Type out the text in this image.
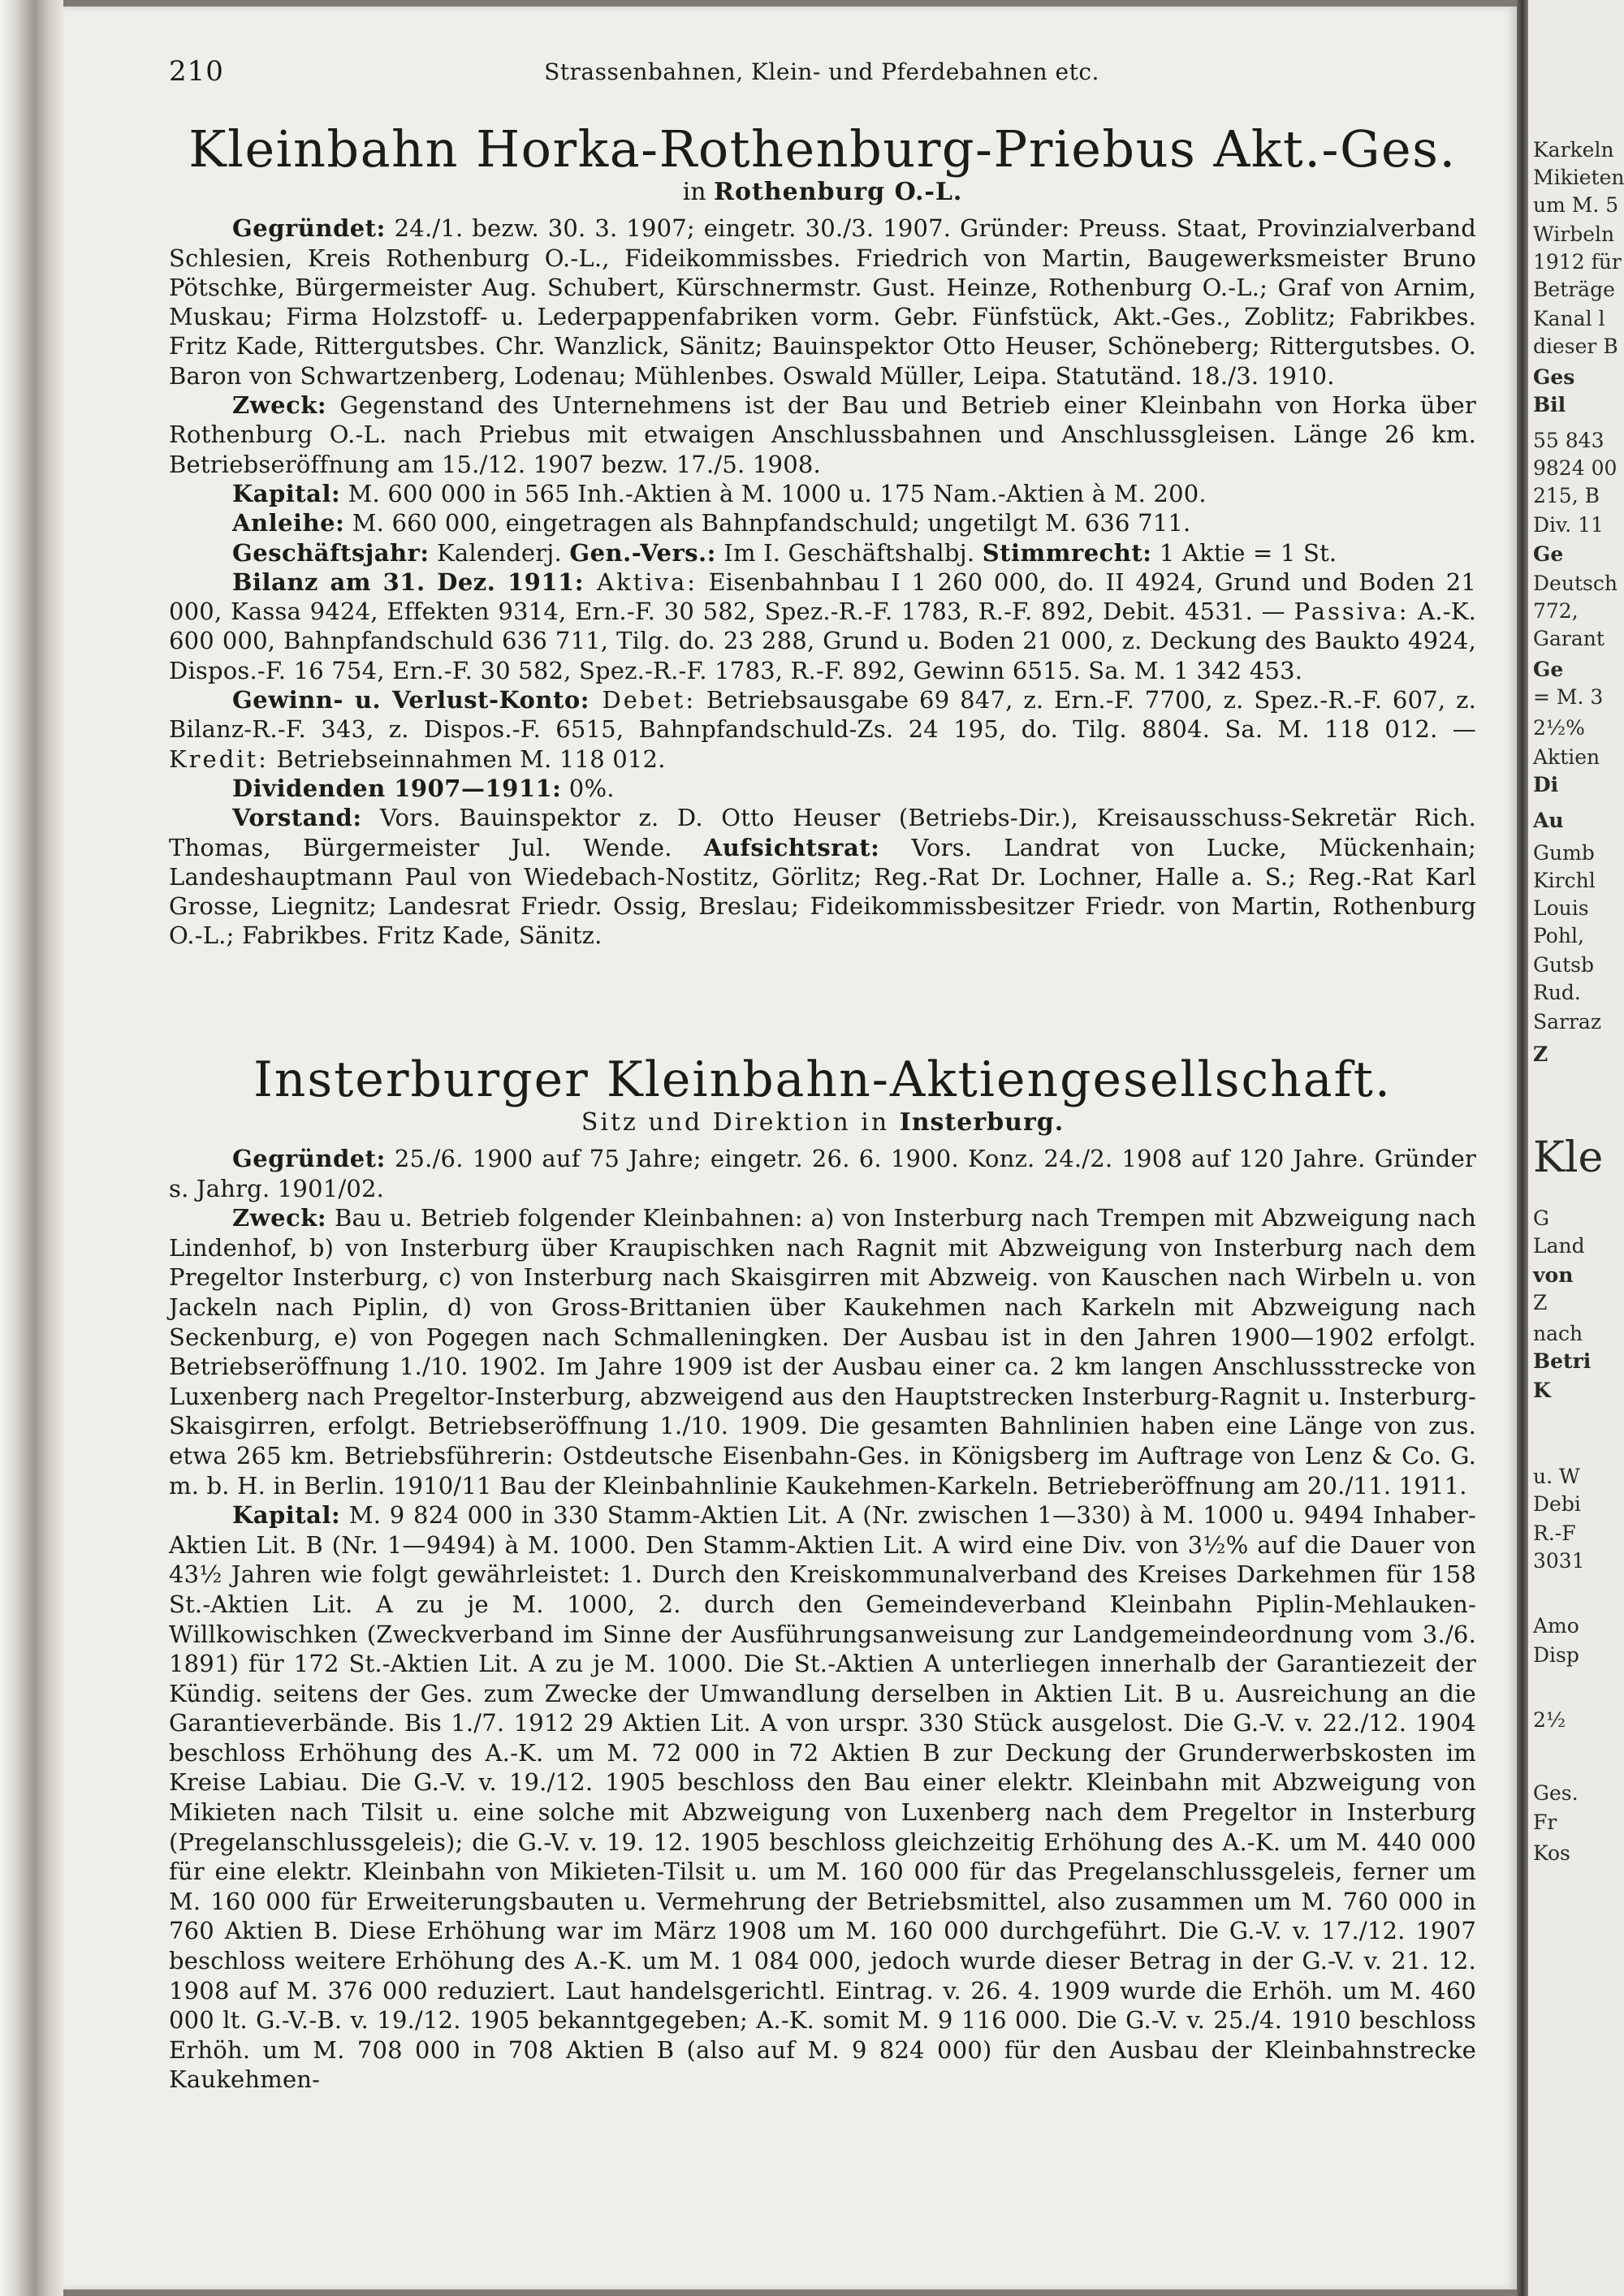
Karkeln
Mikieten
um M. 5
Wirbeln
1912 für
Beträge
Kanal l
dieser B
Ges
Bil
55 843
9824 00
215, B
Div. 11
Ge
Deutsch
772,
Garant
Ge
= M. 3
2½%
Aktien
Di
Au
Gumb
Kirchl
Louis
Pohl,
Gutsb
Rud.
Sarraz
Z
Kle
G
Land
von
Z
nach
Betri
K
u. W
Debi
R.-F
3031
Amo
Disp
2½
Ges.
Fr
Kos
210	Strassenbahnen, Klein- und Pferdebahnen etc.
Kleinbahn Horka-Rothenburg-Priebus Akt.-Ges.
in Rothenburg O.-L.

Gegründet: 24./1. bezw. 30. 3. 1907; eingetr. 30./3. 1907. Gründer: Preuss. Staat, Provinzialverband Schlesien, Kreis Rothenburg O.-L., Fideikommissbes. Friedrich von Martin, Baugewerksmeister Bruno Pötschke, Bürgermeister Aug. Schubert, Kürschnermstr. Gust. Heinze, Rothenburg O.-L.; Graf von Arnim, Muskau; Firma Holzstoff- u. Lederpappenfabriken vorm. Gebr. Fünfstück, Akt.-Ges., Zoblitz; Fabrikbes. Fritz Kade, Rittergutsbes. Chr. Wanzlick, Sänitz; Bauinspektor Otto Heuser, Schöneberg; Rittergutsbes. O. Baron von Schwartzenberg, Lodenau; Mühlenbes. Oswald Müller, Leipa. Statutänd. 18./3. 1910.

Zweck: Gegenstand des Unternehmens ist der Bau und Betrieb einer Kleinbahn von Horka über Rothenburg O.-L. nach Priebus mit etwaigen Anschlussbahnen und Anschlussgleisen. Länge 26 km. Betriebseröffnung am 15./12. 1907 bezw. 17./5. 1908.

Kapital: M. 600 000 in 565 Inh.-Aktien à M. 1000 u. 175 Nam.-Aktien à M. 200.

Anleihe: M. 660 000, eingetragen als Bahnpfandschuld; ungetilgt M. 636 711.

Geschäftsjahr: Kalenderj. Gen.-Vers.: Im I. Geschäftshalbj. Stimmrecht: 1 Aktie = 1 St.

Bilanz am 31. Dez. 1911: Aktiva: Eisenbahnbau I 1 260 000, do. II 4924, Grund und Boden 21 000, Kassa 9424, Effekten 9314, Ern.-F. 30 582, Spez.-R.-F. 1783, R.-F. 892, Debit. 4531. — Passiva: A.-K. 600 000, Bahnpfandschuld 636 711, Tilg. do. 23 288, Grund u. Boden 21 000, z. Deckung des Baukto 4924, Dispos.-F. 16 754, Ern.-F. 30 582, Spez.-R.-F. 1783, R.-F. 892, Gewinn 6515. Sa. M. 1 342 453.

Gewinn- u. Verlust-Konto: Debet: Betriebsausgabe 69 847, z. Ern.-F. 7700, z. Spez.-R.-F. 607, z. Bilanz-R.-F. 343, z. Dispos.-F. 6515, Bahnpfandschuld-Zs. 24 195, do. Tilg. 8804. Sa. M. 118 012. — Kredit: Betriebseinnahmen M. 118 012.

Dividenden 1907—1911: 0%.

Vorstand: Vors. Bauinspektor z. D. Otto Heuser (Betriebs-Dir.), Kreisausschuss-Sekretär Rich. Thomas, Bürgermeister Jul. Wende. Aufsichtsrat: Vors. Landrat von Lucke, Mückenhain; Landeshauptmann Paul von Wiedebach-Nostitz, Görlitz; Reg.-Rat Dr. Lochner, Halle a. S.; Reg.-Rat Karl Grosse, Liegnitz; Landesrat Friedr. Ossig, Breslau; Fideikommissbesitzer Friedr. von Martin, Rothenburg O.-L.; Fabrikbes. Fritz Kade, Sänitz.

Insterburger Kleinbahn-Aktiengesellschaft.
Sitz und Direktion in Insterburg.

Gegründet: 25./6. 1900 auf 75 Jahre; eingetr. 26. 6. 1900. Konz. 24./2. 1908 auf 120 Jahre. Gründer s. Jahrg. 1901/02.

Zweck: Bau u. Betrieb folgender Kleinbahnen: a) von Insterburg nach Trempen mit Abzweigung nach Lindenhof, b) von Insterburg über Kraupischken nach Ragnit mit Abzweigung von Insterburg nach dem Pregeltor Insterburg, c) von Insterburg nach Skaisgirren mit Abzweig. von Kauschen nach Wirbeln u. von Jackeln nach Piplin, d) von Gross-Brittanien über Kaukehmen nach Karkeln mit Abzweigung nach Seckenburg, e) von Pogegen nach Schmalleningken. Der Ausbau ist in den Jahren 1900—1902 erfolgt. Betriebseröffnung 1./10. 1902. Im Jahre 1909 ist der Ausbau einer ca. 2 km langen Anschlussstrecke von Luxenberg nach Pregeltor-Insterburg, abzweigend aus den Hauptstrecken Insterburg-Ragnit u. Insterburg-Skaisgirren, erfolgt. Betriebseröffnung 1./10. 1909. Die gesamten Bahnlinien haben eine Länge von zus. etwa 265 km. Betriebsführerin: Ostdeutsche Eisenbahn-Ges. in Königsberg im Auftrage von Lenz & Co. G. m. b. H. in Berlin. 1910/11 Bau der Kleinbahnlinie Kaukehmen-Karkeln. Betrieberöffnung am 20./11. 1911.

Kapital: M. 9 824 000 in 330 Stamm-Aktien Lit. A (Nr. zwischen 1—330) à M. 1000 u. 9494 Inhaber-Aktien Lit. B (Nr. 1—9494) à M. 1000. Den Stamm-Aktien Lit. A wird eine Div. von 3½% auf die Dauer von 43½ Jahren wie folgt gewährleistet: 1. Durch den Kreiskommunalverband des Kreises Darkehmen für 158 St.-Aktien Lit. A zu je M. 1000, 2. durch den Gemeindeverband Kleinbahn Piplin-Mehlauken-Willkowischken (Zweckverband im Sinne der Ausführungsanweisung zur Landgemeindeordnung vom 3./6. 1891) für 172 St.-Aktien Lit. A zu je M. 1000. Die St.-Aktien A unterliegen innerhalb der Garantiezeit der Kündig. seitens der Ges. zum Zwecke der Umwandlung derselben in Aktien Lit. B u. Ausreichung an die Garantieverbände. Bis 1./7. 1912 29 Aktien Lit. A von urspr. 330 Stück ausgelost. Die G.-V. v. 22./12. 1904 beschloss Erhöhung des A.-K. um M. 72 000 in 72 Aktien B zur Deckung der Grunderwerbskosten im Kreise Labiau. Die G.-V. v. 19./12. 1905 beschloss den Bau einer elektr. Kleinbahn mit Abzweigung von Mikieten nach Tilsit u. eine solche mit Abzweigung von Luxenberg nach dem Pregeltor in Insterburg (Pregelanschlussgeleis); die G.-V. v. 19. 12. 1905 beschloss gleichzeitig Erhöhung des A.-K. um M. 440 000 für eine elektr. Kleinbahn von Mikieten-Tilsit u. um M. 160 000 für das Pregelanschlussgeleis, ferner um M. 160 000 für Erweiterungsbauten u. Vermehrung der Betriebsmittel, also zusammen um M. 760 000 in 760 Aktien B. Diese Erhöhung war im März 1908 um M. 160 000 durchgeführt. Die G.-V. v. 17./12. 1907 beschloss weitere Erhöhung des A.-K. um M. 1 084 000, jedoch wurde dieser Betrag in der G.-V. v. 21. 12. 1908 auf M. 376 000 reduziert. Laut handelsgerichtl. Eintrag. v. 26. 4. 1909 wurde die Erhöh. um M. 460 000 lt. G.-V.-B. v. 19./12. 1905 bekanntgegeben; A.-K. somit M. 9 116 000. Die G.-V. v. 25./4. 1910 beschloss Erhöh. um M. 708 000 in 708 Aktien B (also auf M. 9 824 000) für den Ausbau der Kleinbahnstrecke Kaukehmen-
